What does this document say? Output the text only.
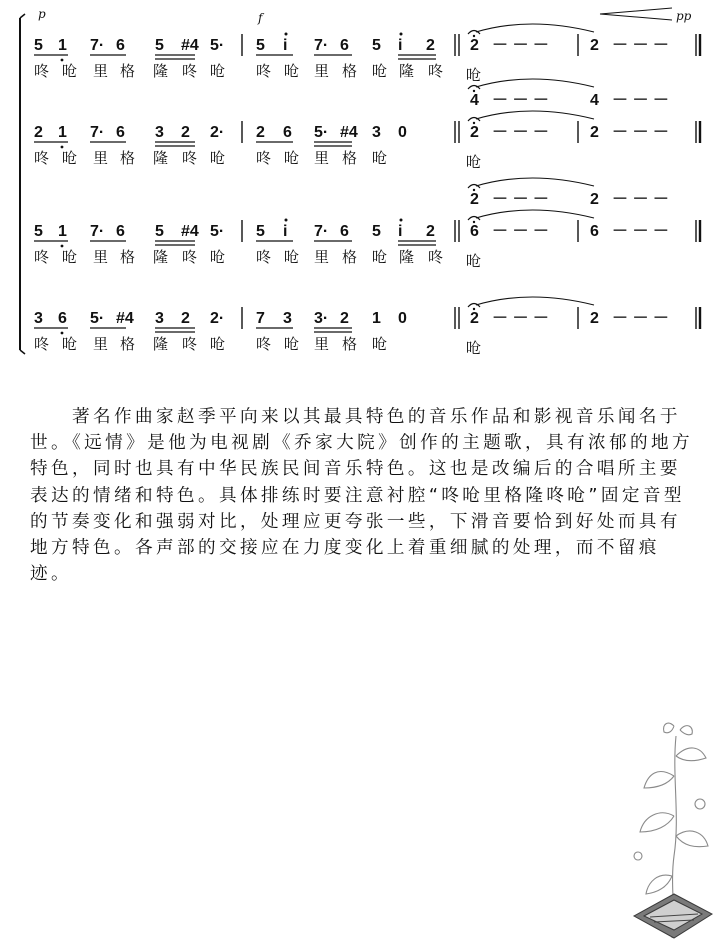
5 1 7· 6 5 #4 5· 5 i 7· 6 5 i 2
咚 呛 里 格 隆 咚 呛 咚 呛 里 格 呛 隆 咚 呛
2 － － －	2 － － －
2 1 7· 6 3 2 2· 2 6 5· #4 3 0
咚 呛 里 格 隆 咚 呛 咚 呛 里 格 呛	呛
4 － － －	4 － － －
2 － － －	2 － － －
5 1 7· 6 5 #4 5· 5 i 7· 6 5 i 2
咚 呛 里 格 隆 咚 呛 咚 呛 里 格 呛 隆 咚 呛
2 － － －	2 － － －
6 － － －	6 － － －
3 6 5· #4 3 2 2· 7 3 3· 2 1 0
咚 呛 里 格 隆 咚 呛 咚 呛 里 格 呛	呛
2 － － －	2 － － －
p	f	pp

著名作曲家赵季平向来以其最具特色的音乐作品和影视音乐闻名于世。《远情》是他为电视剧《乔家大院》创作的主题歌，具有浓郁的地方特色，同时也具有中华民族民间音乐特色。这也是改编后的合唱所主要表达的情绪和特色。具体排练时要注意衬腔“咚呛里格隆咚呛”固定音型的节奏变化和强弱对比，处理应更夸张一些，下滑音要恰到好处而具有地方特色。各声部的交接应在力度变化上着重细腻的处理，而不留痕迹。
